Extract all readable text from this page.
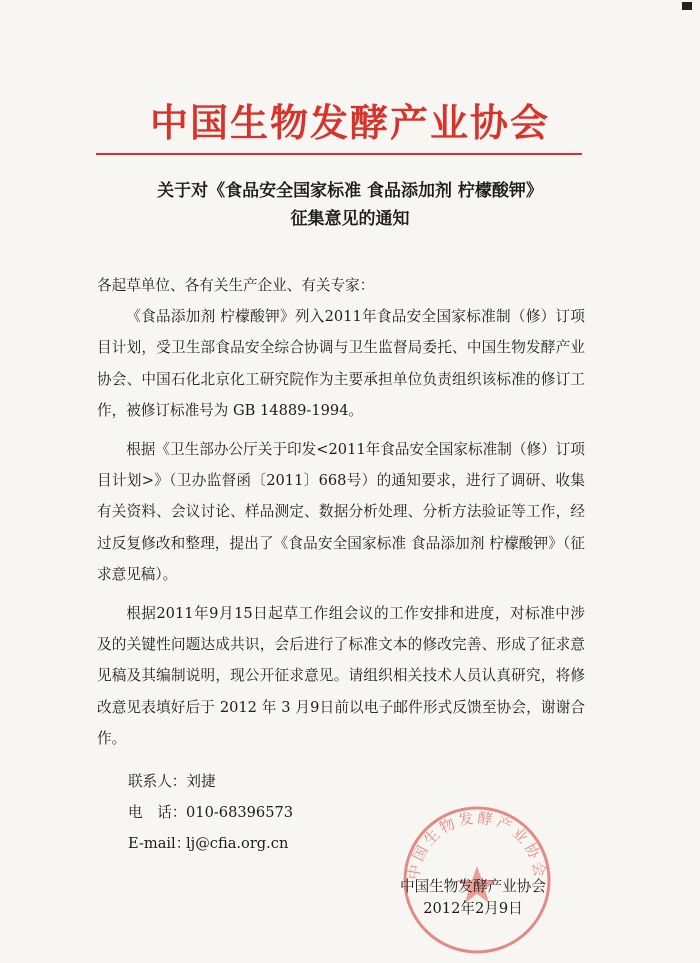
中国生物发酵产业协会
关于对《食品安全国家标准 食品添加剂 柠檬酸钾》
征集意见的通知

各起草单位、各有关生产企业、有关专家：

《食品添加剂 柠檬酸钾》列入2011年食品安全国家标准制（修）订项目计划，受卫生部食品安全综合协调与卫生监督局委托、中国生物发酵产业协会、中国石化北京化工研究院作为主要承担单位负责组织该标准的修订工作，被修订标准号为 GB 14889-1994。

根据《卫生部办公厅关于印发<2011年食品安全国家标准制（修）订项目计划>》（卫办监督函〔2011〕668号）的通知要求，进行了调研、收集有关资料、会议讨论、样品测定、数据分析处理、分析方法验证等工作，经过反复修改和整理，提出了《食品安全国家标准 食品添加剂 柠檬酸钾》（征求意见稿）。

根据2011年9月15日起草工作组会议的工作安排和进度，对标准中涉及的关键性问题达成共识，会后进行了标准文本的修改完善、形成了征求意见稿及其编制说明，现公开征求意见。请组织相关技术人员认真研究，将修改意见表填好后于 2012 年 3 月9日前以电子邮件形式反馈至协会，谢谢合作。

联系人：刘捷
电　话：010-68396573
E-mail：lj@cfia.org.cn
中国生物发酵产业协会
中国生物发酵产业协会
2012年2月9日
